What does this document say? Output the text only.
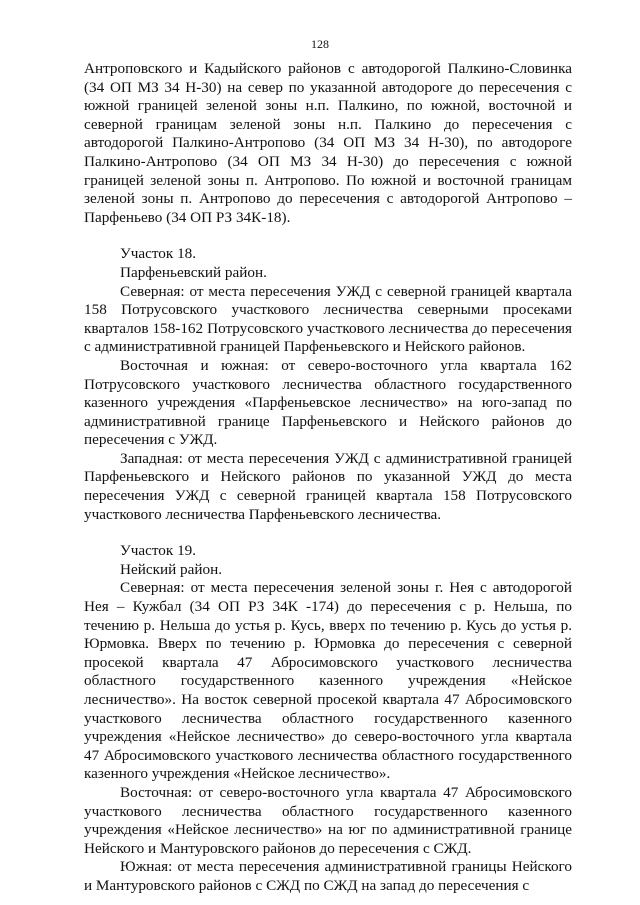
128

Антроповского и Кадыйского районов с автодорогой Палкино-Словинка (34 ОП МЗ 34 Н-30) на север по указанной автодороге до пересечения с южной границей зеленой зоны н.п. Палкино, по южной, восточной и северной границам зеленой зоны н.п. Палкино до пересечения с автодорогой Палкино-Антропово (34 ОП МЗ 34 Н-30), по автодороге Палкино-Антропово (34 ОП МЗ 34 Н-30) до пересечения с южной границей зеленой зоны п. Антропово. По южной и восточной границам зеленой зоны п. Антропово до пересечения с автодорогой Антропово – Парфеньево (34 ОП РЗ 34К-18).

Участок 18.

Парфеньевский район.

Северная: от места пересечения УЖД с северной границей квартала 158 Потрусовского участкового лесничества северными просеками кварталов 158-162 Потрусовского участкового лесничества до пересечения с административной границей Парфеньевского и Нейского районов.

Восточная и южная: от северо-восточного угла квартала 162 Потрусовского участкового лесничества областного государственного казенного учреждения «Парфеньевское лесничество» на юго-запад по административной границе Парфеньевского и Нейского районов до пересечения с УЖД.

Западная: от места пересечения УЖД с административной границей Парфеньевского и Нейского районов по указанной УЖД до места пересечения УЖД с северной границей квартала 158 Потрусовского участкового лесничества Парфеньевского лесничества.

Участок 19.

Нейский район.

Северная: от места пересечения зеленой зоны г. Нея с автодорогой Нея – Кужбал (34 ОП РЗ 34К -174) до пересечения с р. Нельша, по течению р. Нельша до устья р. Кусь, вверх по течению р. Кусь до устья р. Юрмовка. Вверх по течению р. Юрмовка до пересечения с северной просекой квартала 47 Абросимовского участкового лесничества областного государственного казенного учреждения «Нейское лесничество». На восток северной просекой квартала 47 Абросимовского участкового лесничества областного государственного казенного учреждения «Нейское лесничество» до северо-восточного угла квартала 47 Абросимовского участкового лесничества областного государственного казенного учреждения «Нейское лесничество».

Восточная: от северо-восточного угла квартала 47 Абросимовского участкового лесничества областного государственного казенного учреждения «Нейское лесничество» на юг по административной границе Нейского и Мантуровского районов до пересечения с СЖД.

Южная: от места пересечения административной границы Нейского и Мантуровского районов с СЖД по СЖД на запад до пересечения с
